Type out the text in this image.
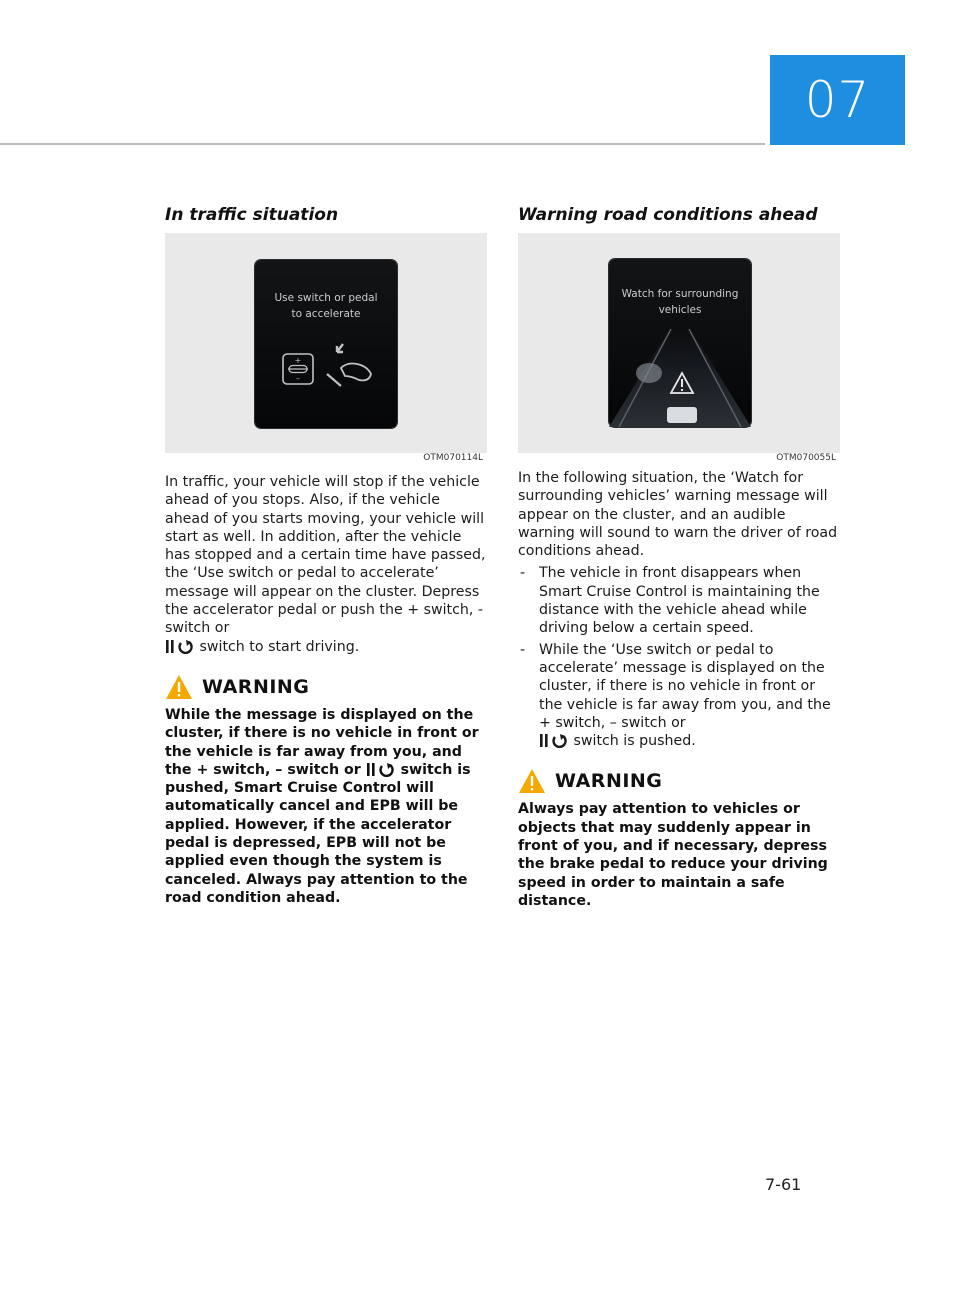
07
In traffic situation
Use switch or pedal
to accelerate
+
–
OTM070114L

In traffic, your vehicle will stop if the vehicle ahead of you stops. Also, if the vehicle ahead of you starts moving, your vehicle will start as well. In addition, after the vehicle has stopped and a certain time have passed, the ‘Use switch or pedal to accelerate’ message will appear on the cluster. Depress the accelerator pedal or push the + switch, - switch or
switch to start driving.

WARNING

While the message is displayed on the cluster, if there is no vehicle in front or the vehicle is far away from you, and the + switch, – switch or  switch is pushed, Smart Cruise Control will automatically cancel and EPB will be applied. However, if the accelerator pedal is depressed, EPB will not be applied even though the system is canceled. Always pay attention to the road condition ahead.

Warning road conditions ahead
Watch for surrounding
vehicles
OTM070055L

In the following situation, the ‘Watch for surrounding vehicles’ warning message will appear on the cluster, and an audible warning will sound to warn the driver of road conditions ahead.

- The vehicle in front disappears when Smart Cruise Control is maintaining the distance with the vehicle ahead while driving below a certain speed.
- While the ‘Use switch or pedal to accelerate’ message is displayed on the cluster, if there is no vehicle in front or the vehicle is far away from you, and the + switch, – switch or
switch is pushed.
WARNING

Always pay attention to vehicles or objects that may suddenly appear in front of you, and if necessary, depress the brake pedal to reduce your driving speed in order to maintain a safe distance.

7-61
